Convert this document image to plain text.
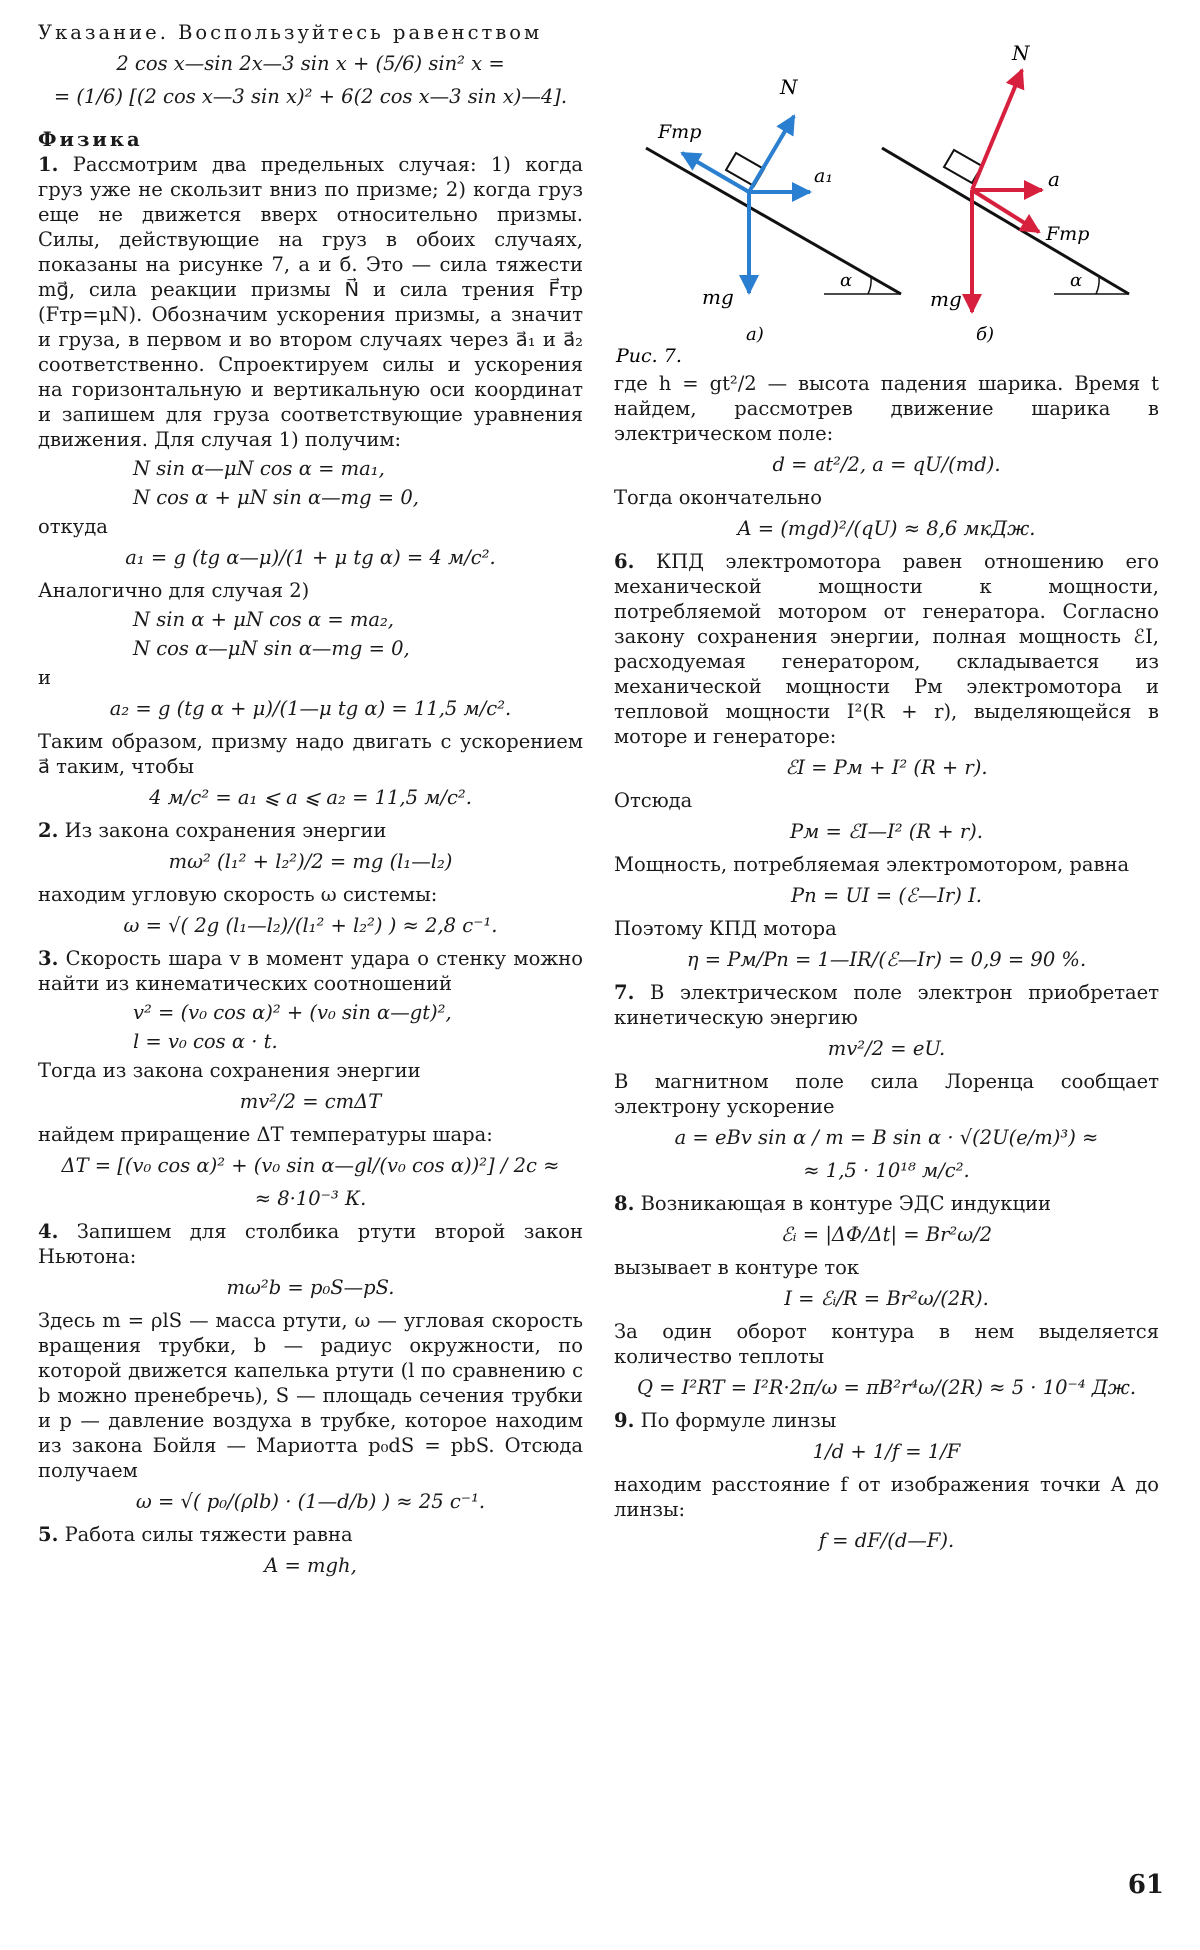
Указание. Воспользуйтесь равенством

2 cos x—sin 2x—3 sin x + (5/6) sin² x =

= (1/6) [(2 cos x—3 sin x)² + 6(2 cos x—3 sin x)—4].

Физика

1. Рассмотрим два предельных случая: 1) когда груз уже не скользит вниз по призме; 2) когда груз еще не движется вверх относительно призмы. Силы, действующие на груз в обоих случаях, показаны на рисунке 7, а и б. Это — сила тяжести mg⃗, сила реакции призмы N⃗ и сила трения F⃗тр (Fтр=μN). Обозначим ускорения призмы, а значит и груза, в первом и во втором случаях через a⃗₁ и a⃗₂ соответственно. Спроектируем силы и ускорения на горизонтальную и вертикальную оси координат и запишем для груза соответствующие уравнения движения. Для случая 1) получим:

N sin α—μN cos α = ma₁,

N cos α + μN sin α—mg = 0,

откуда

a₁ = g (tg α—μ)/(1 + μ tg α) = 4 м/с².

Аналогично для случая 2)

N sin α + μN cos α = ma₂,

N cos α—μN sin α—mg = 0,

и

a₂ = g (tg α + μ)/(1—μ tg α) = 11,5 м/с².

Таким образом, призму надо двигать с ускорением a⃗ таким, чтобы

4 м/с² = a₁ ⩽ a ⩽ a₂ = 11,5 м/с².

2. Из закона сохранения энергии

mω² (l₁² + l₂²)/2 = mg (l₁—l₂)

находим угловую скорость ω системы:

ω = √( 2g (l₁—l₂)/(l₁² + l₂²) ) ≈ 2,8 с⁻¹.

3. Скорость шара v в момент удара о стенку можно найти из кинематических соотношений

v² = (v₀ cos α)² + (v₀ sin α—gt)²,

l = v₀ cos α · t.

Тогда из закона сохранения энергии

mv²/2 = cmΔT

найдем приращение ΔT температуры шара:

ΔT = [(v₀ cos α)² + (v₀ sin α—gl/(v₀ cos α))²] / 2c ≈

≈ 8·10⁻³ К.

4. Запишем для столбика ртути второй закон Ньютона:

mω²b = p₀S—pS.

Здесь m = ρlS — масса ртути, ω — угловая скорость вращения трубки, b — радиус окружности, по которой движется капелька ртути (l по сравнению с b можно пренебречь), S — площадь сечения трубки и p — давление воздуха в трубке, которое находим из закона Бойля — Мариотта p₀dS = pbS. Отсюда получаем

ω = √( p₀/(ρlb) · (1—d/b) ) ≈ 25 с⁻¹.

5. Работа силы тяжести равна

A = mgh,

Fтр
N
a₁
mg
α
а)
N
a
Fтр
mg
α
б)
Рис. 7.

где h = gt²/2 — высота падения шарика. Время t найдем, рассмотрев движение шарика в электрическом поле:

d = at²/2, a = qU/(md).

Тогда окончательно

A = (mgd)²/(qU) ≈ 8,6 мкДж.

6. КПД электромотора равен отношению его механической мощности к мощности, потребляемой мотором от генератора. Согласно закону сохранения энергии, полная мощность ℰI, расходуемая генератором, складывается из механической мощности Pм электромотора и тепловой мощности I²(R + r), выделяющейся в моторе и генераторе:

ℰI = Pм + I² (R + r).

Отсюда

Pм = ℰI—I² (R + r).

Мощность, потребляемая электромотором, равна

Pп = UI = (ℰ—Ir) I.

Поэтому КПД мотора

η = Pм/Pп = 1—IR/(ℰ—Ir) = 0,9 = 90 %.

7. В электрическом поле электрон приобретает кинетическую энергию

mv²/2 = eU.

В магнитном поле сила Лоренца сообщает электрону ускорение

a = eBv sin α / m = B sin α · √(2U(e/m)³) ≈

≈ 1,5 · 10¹⁸ м/с².

8. Возникающая в контуре ЭДС индукции

ℰᵢ = |ΔΦ/Δt| = Br²ω/2

вызывает в контуре ток

I = ℰᵢ/R = Br²ω/(2R).

За один оборот контура в нем выделяется количество теплоты

Q = I²RT = I²R·2π/ω = πB²r⁴ω/(2R) ≈ 5 · 10⁻⁴ Дж.

9. По формуле линзы

1/d + 1/f = 1/F

находим расстояние f от изображения точки A до линзы:

f = dF/(d—F).

61
